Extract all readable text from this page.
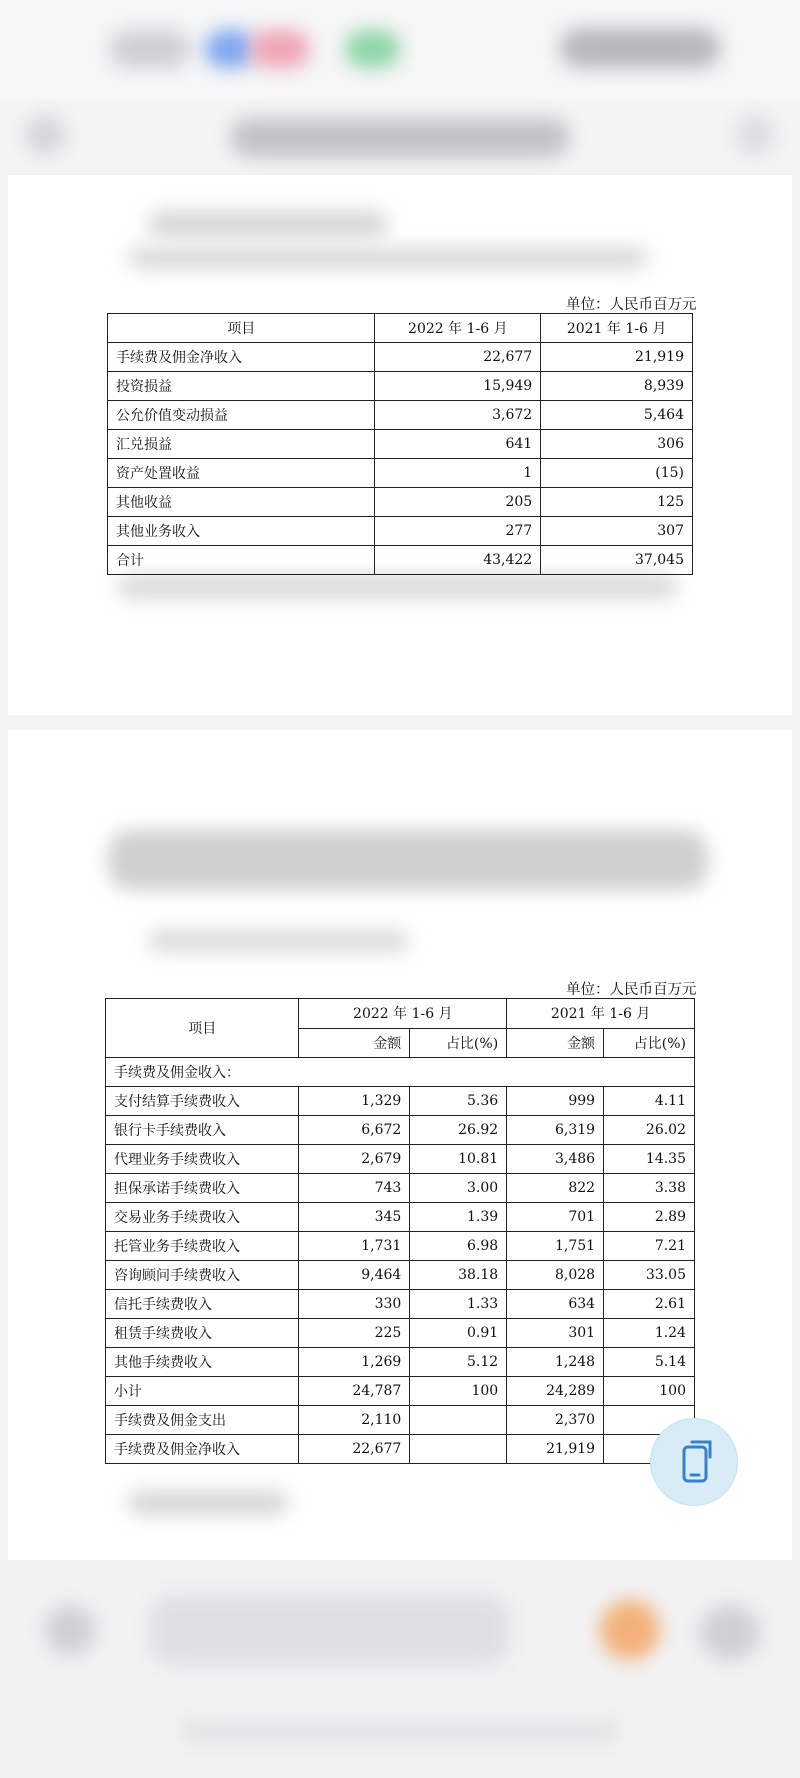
单位：人民币百万元
项目	2022 年 1-6 月	2021 年 1-6 月
手续费及佣金净收入	22,677	21,919
投资损益	15,949	8,939
公允价值变动损益	3,672	5,464
汇兑损益	641	306
资产处置收益	1	(15)
其他收益	205	125
其他业务收入	277	307
合计	43,422	37,045
单位：人民币百万元
项目	2022 年 1-6 月		2021 年 1-6 月	
	金额	占比(%)	金额	占比(%)
手续费及佣金收入：				
支付结算手续费收入	1,329	5.36	999	4.11
银行卡手续费收入	6,672	26.92	6,319	26.02
代理业务手续费收入	2,679	10.81	3,486	14.35
担保承诺手续费收入	743	3.00	822	3.38
交易业务手续费收入	345	1.39	701	2.89
托管业务手续费收入	1,731	6.98	1,751	7.21
咨询顾问手续费收入	9,464	38.18	8,028	33.05
信托手续费收入	330	1.33	634	2.61
租赁手续费收入	225	0.91	301	1.24
其他手续费收入	1,269	5.12	1,248	5.14
小计	24,787	100	24,289	100
手续费及佣金支出	2,110		2,370	
手续费及佣金净收入	22,677		21,919	
